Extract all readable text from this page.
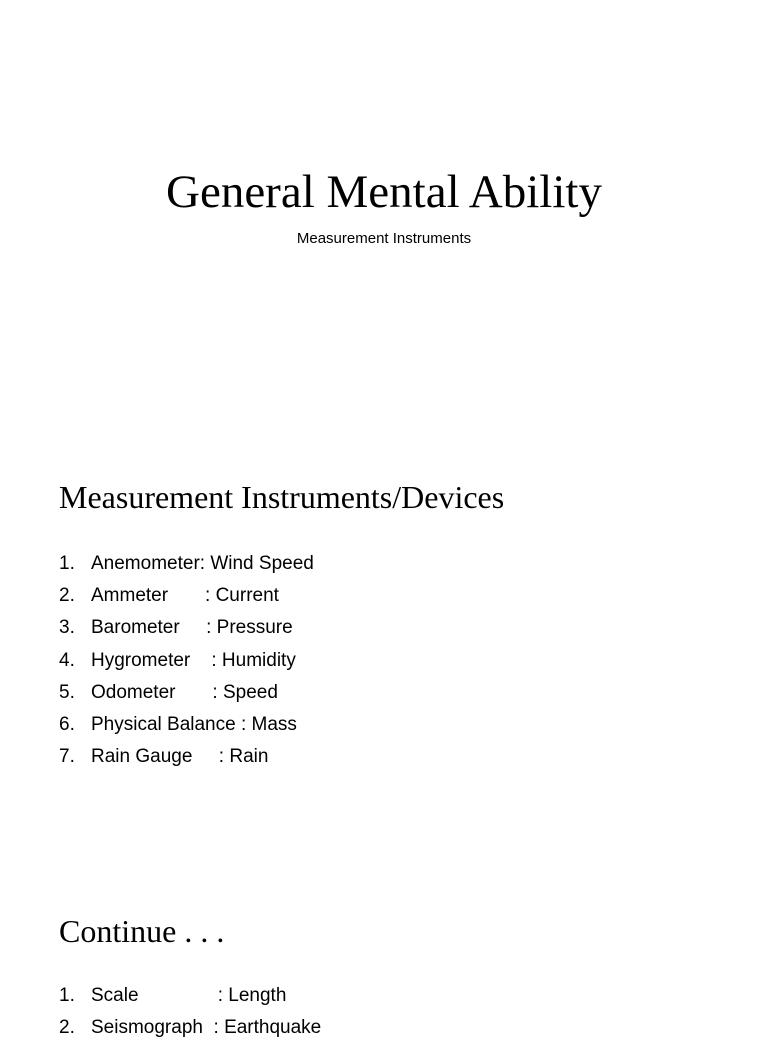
General Mental Ability
Measurement Instruments
Measurement Instruments/Devices
1. Anemometer: Wind Speed
2. Ammeter       : Current
3. Barometer     : Pressure
4. Hygrometer    : Humidity
5. Odometer       : Speed
6. Physical Balance : Mass
7. Rain Gauge     : Rain
Continue . . .
1. Scale               : Length
2. Seismograph  : Earthquake
